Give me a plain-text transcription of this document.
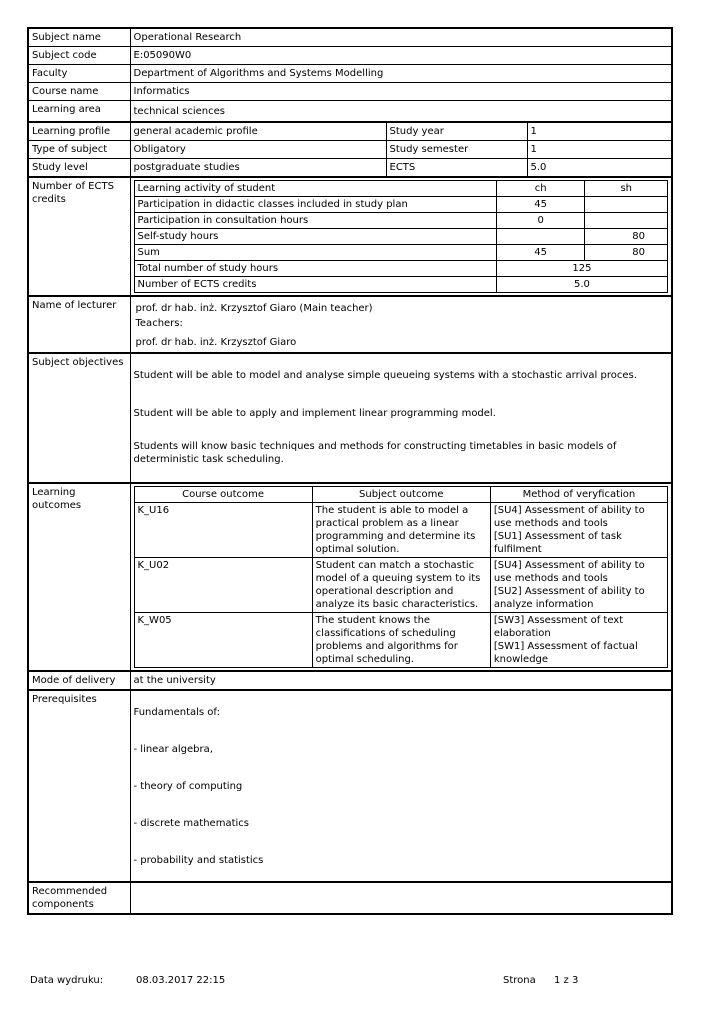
Subject name	Operational Research
Subject code	E:05090W0
Faculty	Department of Algorithms and Systems Modelling
Course name	Informatics
Learning area	technical sciences
Learning profile	general academic profile	Study year	1
Type of subject	Obligatory	Study semester	1
Study level	postgraduate studies	ECTS	5.0
Number of ECTS credits	
Learning activity of student	ch	sh
Participation in didactic classes included in study plan	45	
Participation in consultation hours	0	
Self-study hours		80
Sum	45	80
Total number of study hours	125
Number of ECTS credits	5.0

Name of lecturer	prof. dr hab. inż. Krzysztof Giaro (Main teacher)
Teachers:
prof. dr hab. inż. Krzysztof Giaro

Subject objectives	

Student will be able to model and analyse simple queueing systems with a stochastic arrival proces.

Student will be able to apply and implement linear programming model.

Students will know basic techniques and methods for constructing timetables in basic models of deterministic task scheduling.

Learning outcomes	
Course outcome	Subject outcome	Method of veryfication
K_U16	The student is able to model a practical problem as a linear programming and determine its optimal solution.	
[SU4] Assessment of ability to use methods and tools
[SU1] Assessment of task fulfilment

K_U02	Student can match a stochastic model of a queuing system to its operational description and analyze its basic characteristics.	
[SU4] Assessment of ability to use methods and tools
[SU2] Assessment of ability to analyze information

K_W05	The student knows the classifications of scheduling problems and algorithms for optimal scheduling.	
[SW3] Assessment of text elaboration
[SW1] Assessment of factual knowledge

Mode of delivery	at the university
Prerequisites	

Fundamentals of:

- linear algebra,

- theory of computing

- discrete mathematics

- probability and statistics

Recommended components	
Data wydruku:	08.03.2017 22:15	Strona 1 z 3
